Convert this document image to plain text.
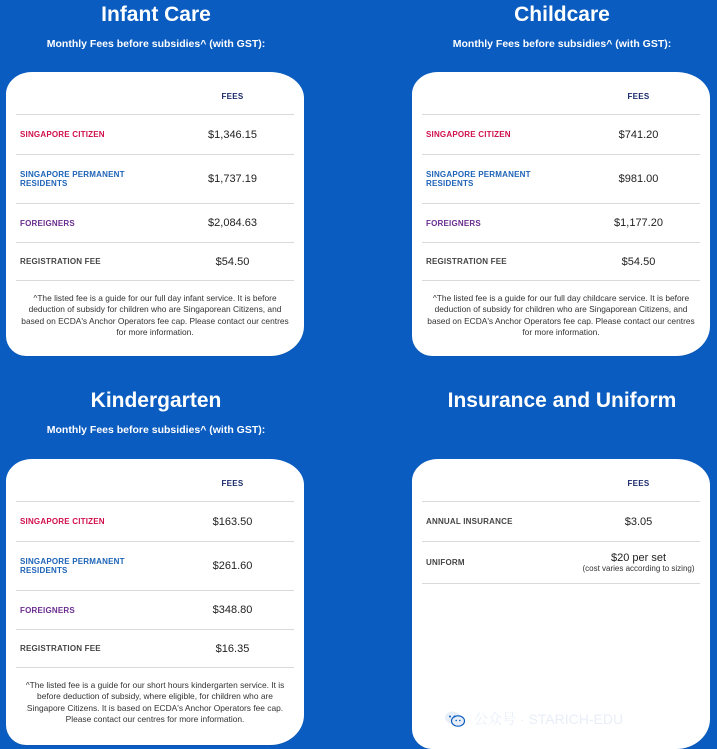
Infant Care
Monthly Fees before subsidies^ (with GST):
	FEES
SINGAPORE CITIZEN	$1,346.15
SINGAPORE PERMANENT RESIDENTS	$1,737.19
FOREIGNERS	$2,084.63
REGISTRATION FEE	$54.50
^The listed fee is a guide for our full day infant service. It is before deduction of subsidy for children who are Singaporean Citizens, and based on ECDA's Anchor Operators fee cap. Please contact our centres for more information.
Childcare
Monthly Fees before subsidies^ (with GST):
	FEES
SINGAPORE CITIZEN	$741.20
SINGAPORE PERMANENT RESIDENTS	$981.00
FOREIGNERS	$1,177.20
REGISTRATION FEE	$54.50
^The listed fee is a guide for our full day childcare service. It is before deduction of subsidy for children who are Singaporean Citizens, and based on ECDA's Anchor Operators fee cap. Please contact our centres for more information.
Kindergarten
Monthly Fees before subsidies^ (with GST):
	FEES
SINGAPORE CITIZEN	$163.50
SINGAPORE PERMANENT RESIDENTS	$261.60
FOREIGNERS	$348.80
REGISTRATION FEE	$16.35
^The listed fee is a guide for our short hours kindergarten service. It is before deduction of subsidy, where eligible, for children who are Singapore Citizens. It is based on ECDA's Anchor Operators fee cap. Please contact our centres for more information.
Insurance and Uniform
	FEES
ANNUAL INSURANCE	$3.05
UNIFORM	$20 per set
(cost varies according to sizing)
公众号 · STARICH-EDU
